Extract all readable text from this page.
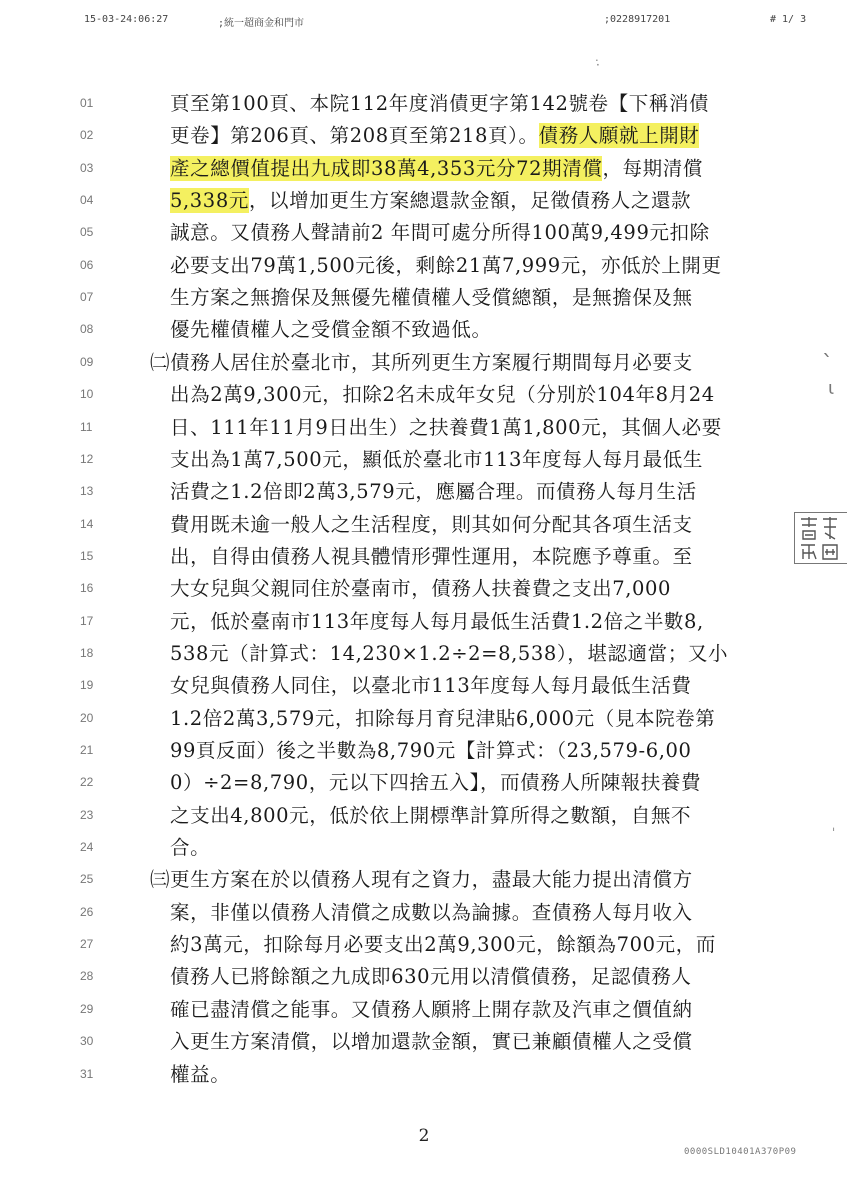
15-03-24:06:27	;統一超商金和門市	;0228917201	# 1/ 3
·̇
ˋ
ι
ˌ
01	頁至第100頁、本院112年度消債更字第142號卷【下稱消債
02	更卷】第206頁、第208頁至第218頁）。債務人願就上開財
03	產之總價值提出九成即38萬4,353元分72期清償，每期清償
04	5,338元，以增加更生方案總還款金額，足徵債務人之還款
05	誠意。又債務人聲請前2 年間可處分所得100萬9,499元扣除
06	必要支出79萬1,500元後，剩餘21萬7,999元，亦低於上開更
07	生方案之無擔保及無優先權債權人受償總額，是無擔保及無
08	優先權債權人之受償金額不致過低。
09	㈡債務人居住於臺北市，其所列更生方案履行期間每月必要支
10	出為2萬9,300元，扣除2名未成年女兒（分別於104年8月24
11	日、111年11月9日出生）之扶養費1萬1,800元，其個人必要
12	支出為1萬7,500元，顯低於臺北市113年度每人每月最低生
13	活費之1.2倍即2萬3,579元，應屬合理。而債務人每月生活
14	費用既未逾一般人之生活程度，則其如何分配其各項生活支
15	出，自得由債務人視具體情形彈性運用，本院應予尊重。至
16	大女兒與父親同住於臺南市，債務人扶養費之支出7,000
17	元，低於臺南市113年度每人每月最低生活費1.2倍之半數8,
18	538元（計算式：14,230×1.2÷2=8,538），堪認適當；又小
19	女兒與債務人同住，以臺北市113年度每人每月最低生活費
20	1.2倍2萬3,579元，扣除每月育兒津貼6,000元（見本院卷第
21	99頁反面）後之半數為8,790元【計算式：（23,579-6,00
22	0）÷2=8,790，元以下四捨五入】，而債務人所陳報扶養費
23	之支出4,800元，低於依上開標準計算所得之數額，自無不
24	合。
25	㈢更生方案在於以債務人現有之資力，盡最大能力提出清償方
26	案，非僅以債務人清償之成數以為論據。查債務人每月收入
27	約3萬元，扣除每月必要支出2萬9,300元，餘額為700元，而
28	債務人已將餘額之九成即630元用以清償債務，足認債務人
29	確已盡清償之能事。又債務人願將上開存款及汽車之價值納
30	入更生方案清償，以增加還款金額，實已兼顧債權人之受償
31	權益。
2
0000SLD10401A370P09
